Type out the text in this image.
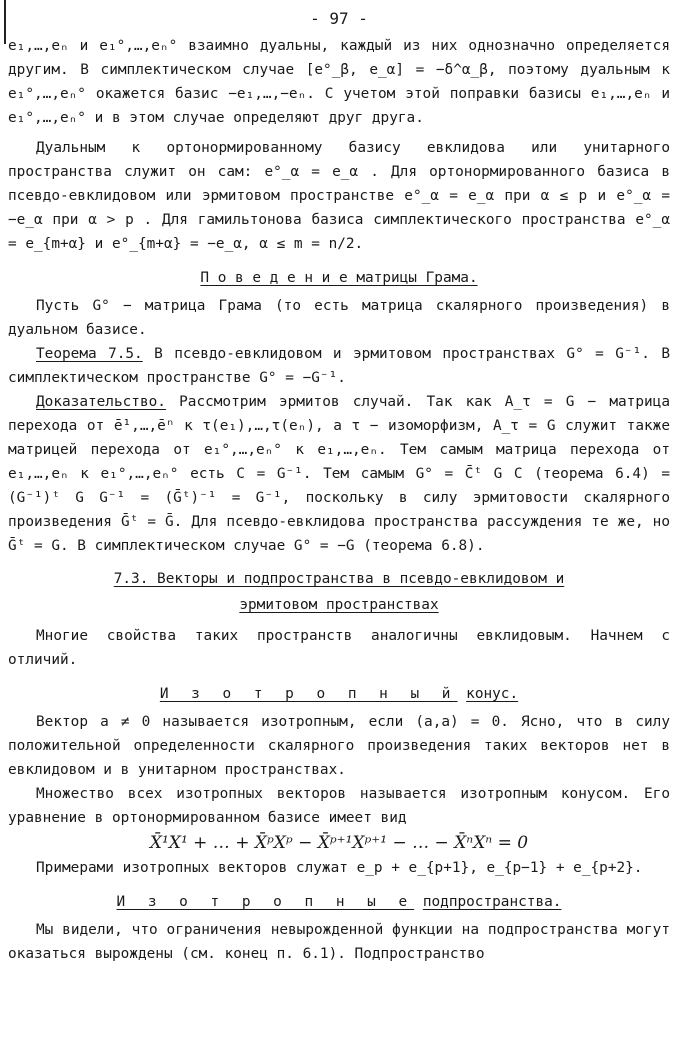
- 97 -

e₁,…,eₙ и e₁°,…,eₙ° взаимно дуальны, каждый из них однозначно определяется другим. В симплектическом случае [e°_β, e_α] = −δ^α_β, поэтому дуальным к e₁°,…,eₙ° окажется базис −e₁,…,−eₙ. С учетом этой поправки базисы e₁,…,eₙ и e₁°,…,eₙ° и в этом случае определяют друг друга.

Дуальным к ортонормированному базису евклидова или унитарного пространства служит он сам: e°_α = e_α . Для ортонормированного базиса в псевдо-евклидовом или эрмитовом пространстве e°_α = e_α при α ≤ p и e°_α = −e_α при α > p . Для гамильтонова базиса симплектического пространства e°_α = e_{m+α} и e°_{m+α} = −e_α, α ≤ m = n/2.

П о в е д е н и е матрицы Грама.

Пусть G° − матрица Грама (то есть матрица скалярного произведения) в дуальном базисе.

Теорема 7.5. В псевдо-евклидовом и эрмитовом пространствах G° = G⁻¹. В симплектическом пространстве G° = −G⁻¹.

Доказательство. Рассмотрим эрмитов случай. Так как A_τ = G − матрица перехода от ē¹,…,ēⁿ к τ(e₁),…,τ(eₙ), а τ − изоморфизм, A_τ = G служит также матрицей перехода от e₁°,…,eₙ° к e₁,…,eₙ. Тем самым матрица перехода от e₁,…,eₙ к e₁°,…,eₙ° есть C = G⁻¹. Тем самым G° = C̄ᵗ G C (теорема 6.4) = (G⁻¹)ᵗ G G⁻¹ = (Ḡᵗ)⁻¹ = G⁻¹, поскольку в силу эрмитовости скалярного произведения Ḡᵗ = Ḡ. Для псевдо-евклидова пространства рассуждения те же, но Ḡᵗ = G. В симплектическом случае G° = −G (теорема 6.8).

7.3. Векторы и подпространства в псевдо-евклидовом и
эрмитовом пространствах

Многие свойства таких пространств аналогичны евклидовым. Начнем с отличий.

И з о т р о п н ы й конус.

Вектор a ≠ 0 называется изотропным, если (a,a) = 0. Ясно, что в силу положительной определенности скалярного произведения таких векторов нет в евклидовом и в унитарном пространствах.

Множество всех изотропных векторов называется изотропным конусом. Его уравнение в ортонормированном базисе имеет вид

X̄¹X¹ + … + X̄ᵖXᵖ − X̄ᵖ⁺¹Xᵖ⁺¹ − … − X̄ⁿXⁿ = 0

Примерами изотропных векторов служат e_p + e_{p+1}, e_{p−1} + e_{p+2}.

И з о т р о п н ы е подпространства.

Мы видели, что ограничения невырожденной функции на подпространства могут оказаться вырождены (см. конец п. 6.1). Подпространство
